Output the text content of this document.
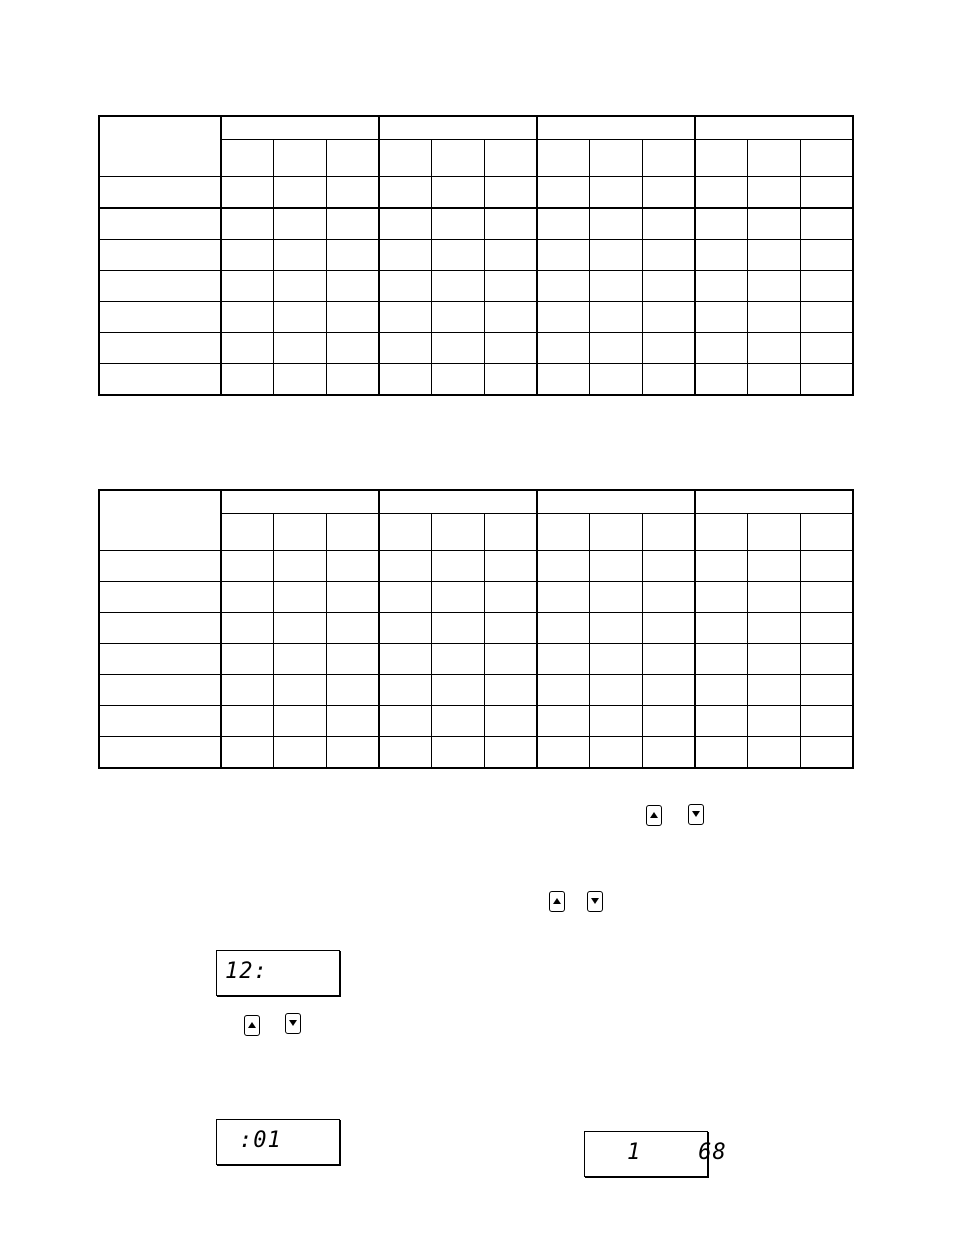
12:
:01	1    68
